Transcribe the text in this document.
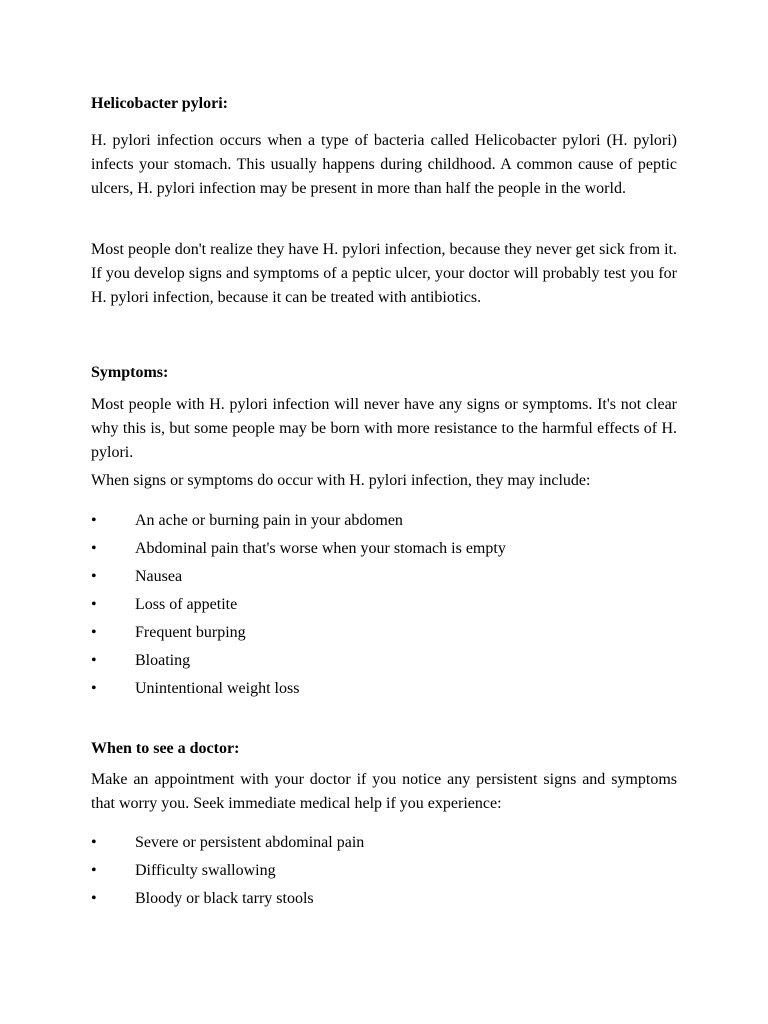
Helicobacter pylori:
H. pylori infection occurs when a type of bacteria called Helicobacter pylori (H. pylori) infects your stomach. This usually happens during childhood. A common cause of peptic ulcers, H. pylori infection may be present in more than half the people in the world.
Most people don't realize they have H. pylori infection, because they never get sick from it. If you develop signs and symptoms of a peptic ulcer, your doctor will probably test you for H. pylori infection, because it can be treated with antibiotics.
Symptoms:
Most people with H. pylori infection will never have any signs or symptoms. It's not clear why this is, but some people may be born with more resistance to the harmful effects of H. pylori.
When signs or symptoms do occur with H. pylori infection, they may include:
•	An ache or burning pain in your abdomen
•	Abdominal pain that's worse when your stomach is empty
•	Nausea
•	Loss of appetite
•	Frequent burping
•	Bloating
•	Unintentional weight loss
When to see a doctor:
Make an appointment with your doctor if you notice any persistent signs and symptoms that worry you. Seek immediate medical help if you experience:
•	Severe or persistent abdominal pain
•	Difficulty swallowing
•	Bloody or black tarry stools
